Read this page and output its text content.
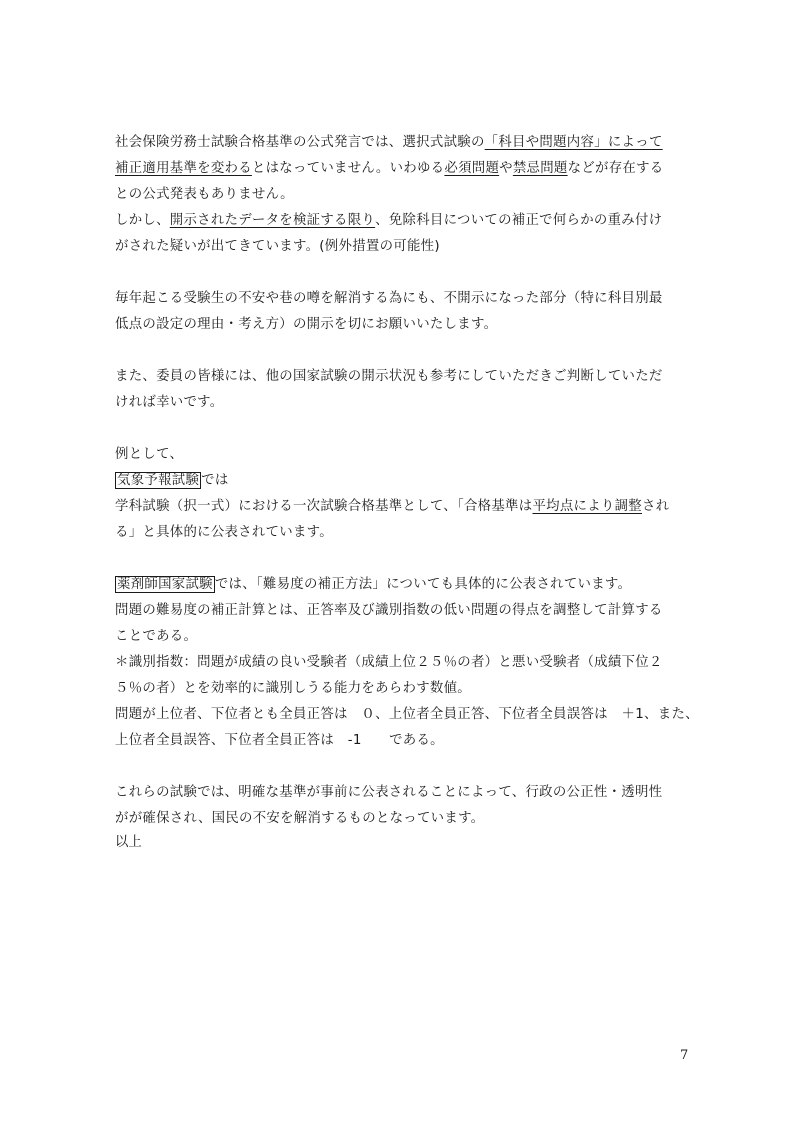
社会保険労務士試験合格基準の公式発言では、選択式試験の「科目や問題内容」によって
補正適用基準を変わるとはなっていません。いわゆる必須問題や禁忌問題などが存在する
との公式発表もありません。
しかし、開示されたデータを検証する限り、免除科目についての補正で何らかの重み付け
がされた疑いが出てきています。(例外措置の可能性)
毎年起こる受験生の不安や巷の噂を解消する為にも、不開示になった部分（特に科目別最
低点の設定の理由・考え方）の開示を切にお願いいたします。
また、委員の皆様には、他の国家試験の開示状況も参考にしていただきご判断していただ
ければ幸いです。
例として、
気象予報試験 では
学科試験（択一式）における一次試験合格基準として、「合格基準は平均点により調整され
る」と具体的に公表されています。
薬剤師国家試験 では、「難易度の補正方法」についても具体的に公表されています。
問題の難易度の補正計算とは、正答率及び識別指数の低い問題の得点を調整して計算する
ことである。
＊識別指数：問題が成績の良い受験者（成績上位２５％の者）と悪い受験者（成績下位２
５％の者）とを効率的に識別しうる能力をあらわす数値。
問題が上位者、下位者とも全員正答は　０、上位者全員正答、下位者全員誤答は　＋1、また、
上位者全員誤答、下位者全員正答は　-1　　である。
これらの試験では、明確な基準が事前に公表されることによって、行政の公正性・透明性
がが確保され、国民の不安を解消するものとなっています。
以上
7
